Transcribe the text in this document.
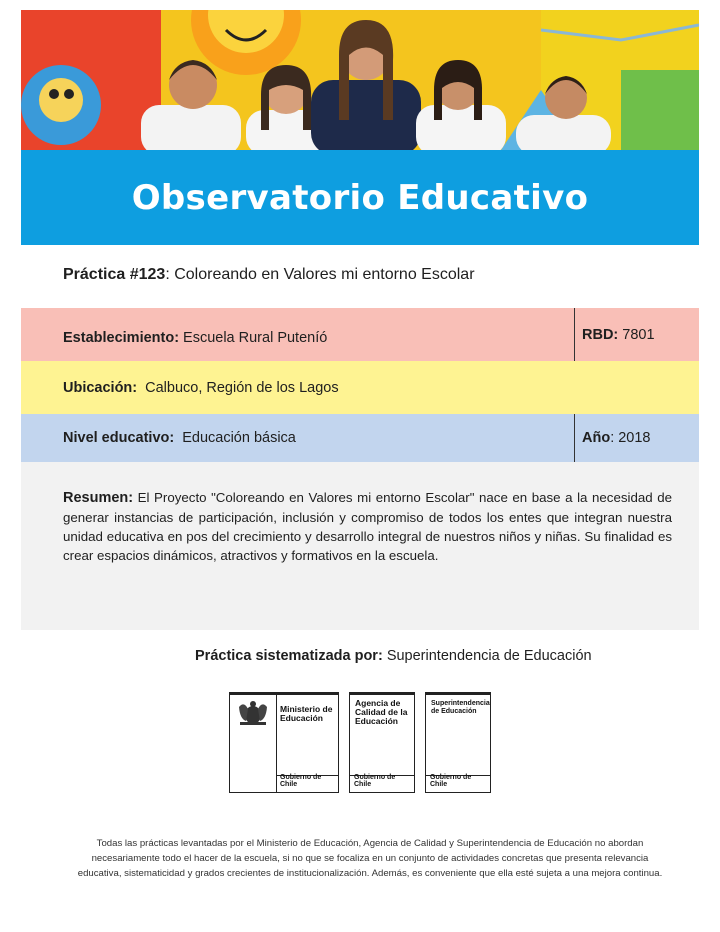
Observatorio Educativo
Práctica #123: Coloreando en Valores mi entorno Escolar
Establecimiento: Escuela Rural Puteníó	RBD: 7801
Ubicación: Calbuco, Región de los Lagos
Nivel educativo: Educación básica	Año : 2018
Resumen: El Proyecto "Coloreando en Valores mi entorno Escolar" nace en base a la necesidad de generar instancias de participación, inclusión y compromiso de todos los entes que integran nuestra unidad educativa en pos del crecimiento y desarrollo integral de nuestros niños y niñas. Su finalidad es crear espacios dinámicos, atractivos y formativos en la escuela.
Práctica sistematizada por: Superintendencia de Educación
Ministerio de
Educación
Gobierno de Chile
Agencia de
Calidad de la
Educación
Gobierno de Chile
Superintendencia
de Educación
Gobierno de Chile
Todas las prácticas levantadas por el Ministerio de Educación, Agencia de Calidad y Superintendencia de Educación no abordan
necesariamente todo el hacer de la escuela, si no que se focaliza en un conjunto de actividades concretas que presenta relevancia
educativa, sistematicidad y grados crecientes de institucionalización. Además, es conveniente que ella esté sujeta a una mejora continua.
